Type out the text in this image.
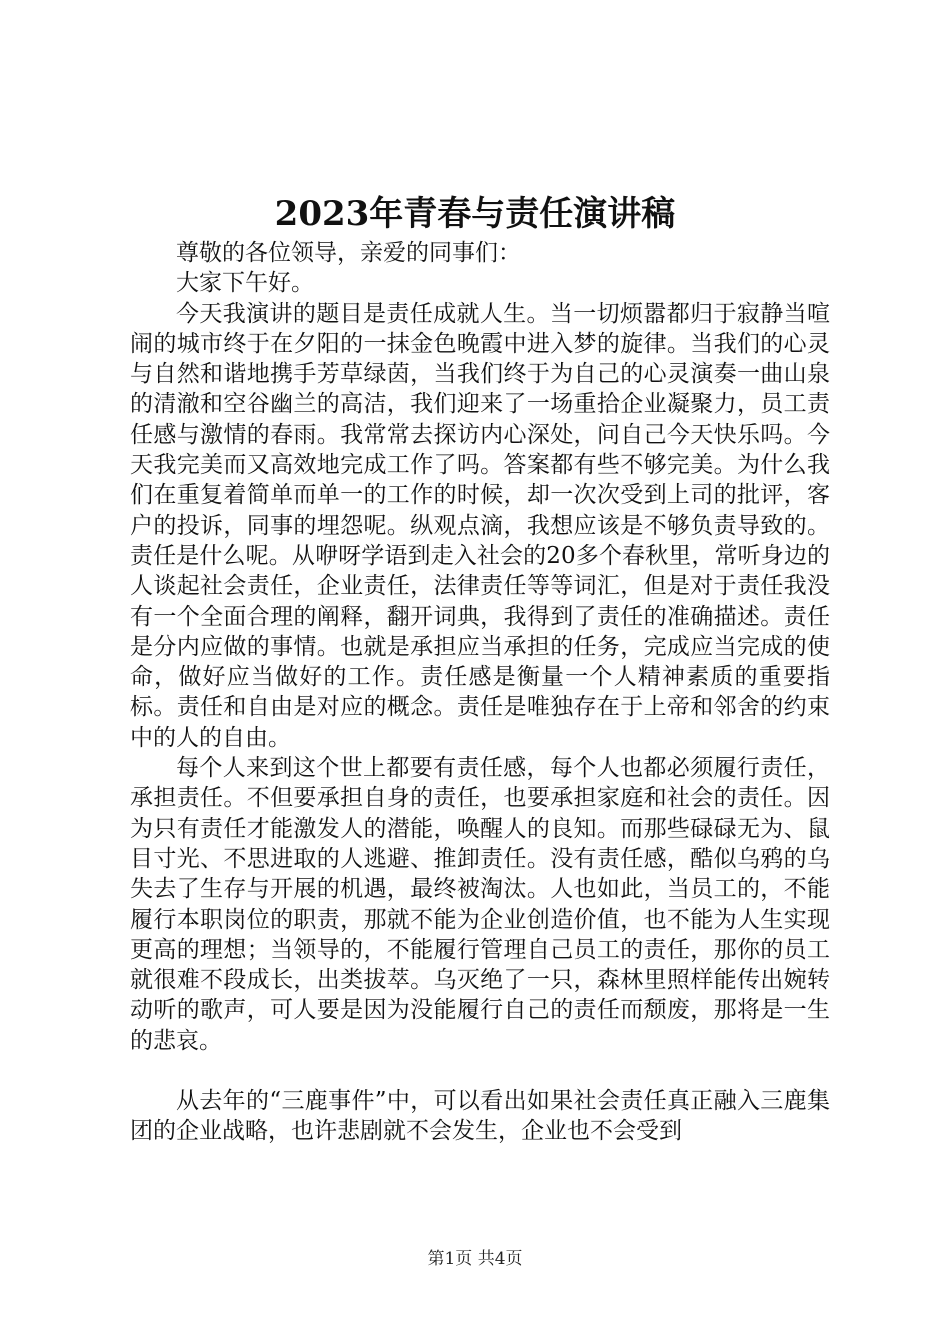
2023年青春与责任演讲稿

尊敬的各位领导，亲爱的同事们：

大家下午好。

今天我演讲的题目是责任成就人生。当一切烦嚣都归于寂静当喧闹的城市终于在夕阳的一抹金色晚霞中进入梦的旋律。当我们的心灵与自然和谐地携手芳草绿茵，当我们终于为自己的心灵演奏一曲山泉的清澈和空谷幽兰的高洁，我们迎来了一场重拾企业凝聚力，员工责任感与激情的春雨。我常常去探访内心深处，问自己今天快乐吗。今天我完美而又高效地完成工作了吗。答案都有些不够完美。为什么我们在重复着简单而单一的工作的时候，却一次次受到上司的批评，客户的投诉，同事的埋怨呢。纵观点滴，我想应该是不够负责导致的。责任是什么呢。从咿呀学语到走入社会的20多个春秋里，常听身边的人谈起社会责任，企业责任，法律责任等等词汇，但是对于责任我没有一个全面合理的阐释，翻开词典，我得到了责任的准确描述。责任是分内应做的事情。也就是承担应当承担的任务，完成应当完成的使命，做好应当做好的工作。责任感是衡量一个人精神素质的重要指标。责任和自由是对应的概念。责任是唯独存在于上帝和邻舍的约束中的人的自由。

每个人来到这个世上都要有责任感，每个人也都必须履行责任，承担责任。不但要承担自身的责任，也要承担家庭和社会的责任。因为只有责任才能激发人的潜能，唤醒人的良知。而那些碌碌无为、鼠目寸光、不思进取的人逃避、推卸责任。没有责任感，酷似乌鸦的乌失去了生存与开展的机遇，最终被淘汰。人也如此，当员工的，不能履行本职岗位的职责，那就不能为企业创造价值，也不能为人生实现更高的理想；当领导的，不能履行管理自己员工的责任，那你的员工就很难不段成长，出类拔萃。乌灭绝了一只，森林里照样能传出婉转动听的歌声，可人要是因为没能履行自己的责任而颓废，那将是一生的悲哀。

从去年的“三鹿事件”中，可以看出如果社会责任真正融入三鹿集团的企业战略，也许悲剧就不会发生，企业也不会受到

第1页 共4页
